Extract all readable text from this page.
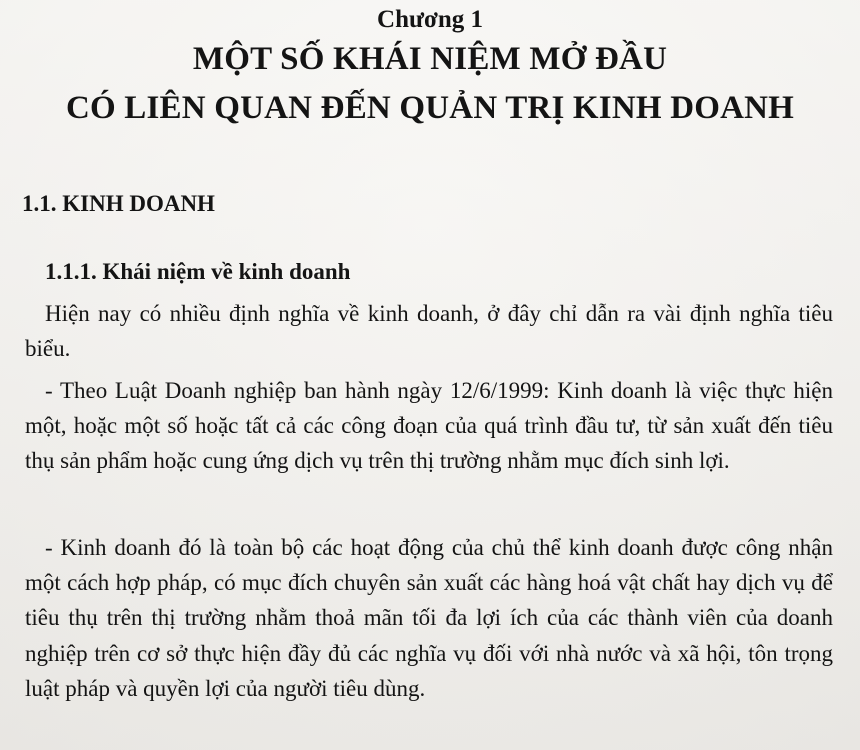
Chương 1
MỘT SỐ KHÁI NIỆM MỞ ĐẦU
CÓ LIÊN QUAN ĐẾN QUẢN TRỊ KINH DOANH
1.1. KINH DOANH
1.1.1. Khái niệm về kinh doanh
Hiện nay có nhiều định nghĩa về kinh doanh, ở đây chỉ dẫn ra vài định nghĩa tiêu biểu.
- Theo Luật Doanh nghiệp ban hành ngày 12/6/1999: Kinh doanh là việc thực hiện một, hoặc một số hoặc tất cả các công đoạn của quá trình đầu tư, từ sản xuất đến tiêu thụ sản phẩm hoặc cung ứng dịch vụ trên thị trường nhằm mục đích sinh lợi.
- Kinh doanh đó là toàn bộ các hoạt động của chủ thể kinh doanh được công nhận một cách hợp pháp, có mục đích chuyên sản xuất các hàng hoá vật chất hay dịch vụ để tiêu thụ trên thị trường nhằm thoả mãn tối đa lợi ích của các thành viên của doanh nghiệp trên cơ sở thực hiện đầy đủ các nghĩa vụ đối với nhà nước và xã hội, tôn trọng luật pháp và quyền lợi của người tiêu dùng.
